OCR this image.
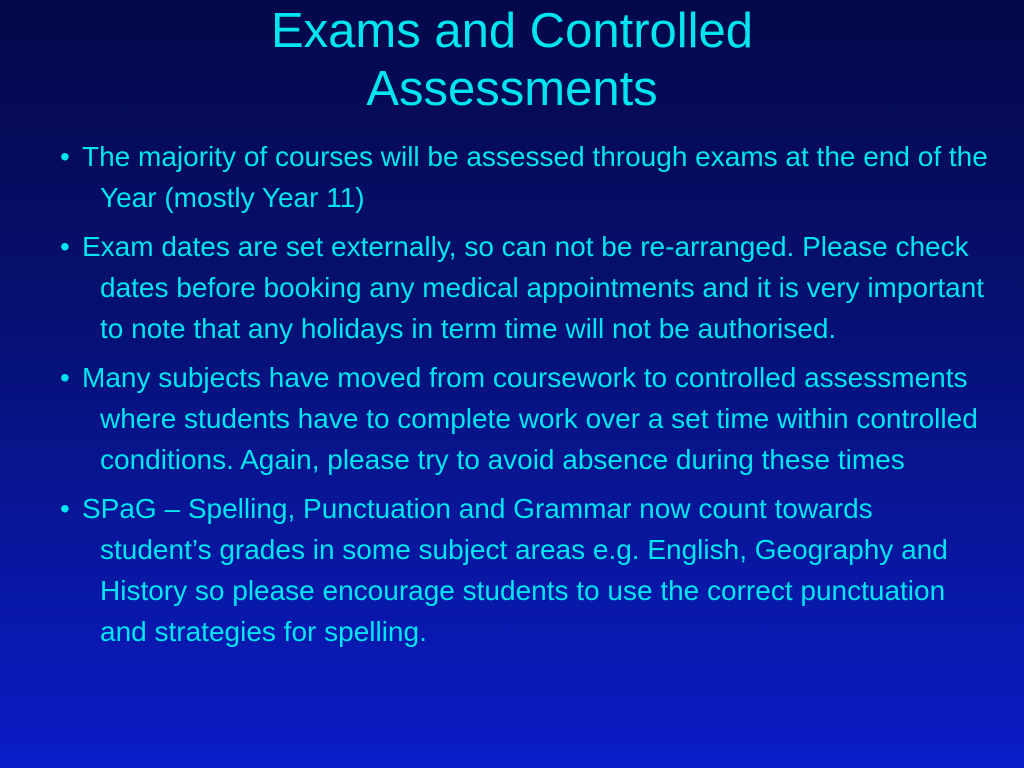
Exams and Controlled
Assessments
• The majority of courses will be assessed through exams at the end of the Year (mostly Year 11)
• Exam dates are set externally, so can not be re-arranged. Please check dates before booking any medical appointments and it is very important to note that any holidays in term time will not be authorised.
• Many subjects have moved from coursework to controlled assessments where students have to complete work over a set time within controlled conditions. Again, please try to avoid absence during these times
• SPaG – Spelling, Punctuation and Grammar now count towards student’s grades in some subject areas e.g. English, Geography and History so please encourage students to use the correct punctuation and strategies for spelling.
